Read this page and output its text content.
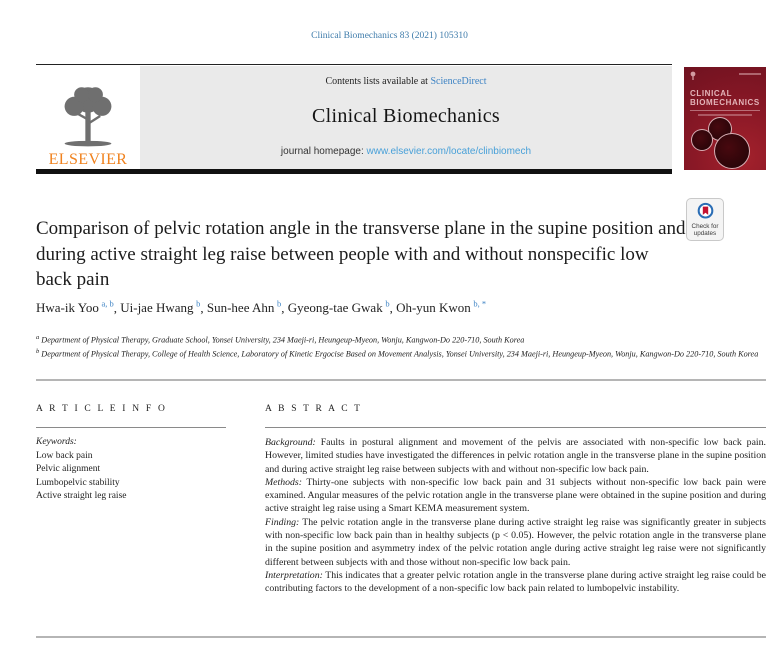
Clinical Biomechanics 83 (2021) 105310
ELSEVIER
Contents lists available at ScienceDirect
Clinical Biomechanics
journal homepage: www.elsevier.com/locate/clinbiomech
CLINICAL
BIOMECHANICS
Comparison of pelvic rotation angle in the transverse plane in the supine position and during active straight leg raise between people with and without nonspecific low back pain
Check for
updates
Hwa-ik Yoo  $^{a, b}$, Ui-jae Hwang  $^b$, Sun-hee Ahn  $^b$, Gyeong-tae Gwak  $^b$, Oh-yun Kwon  $^{b, *}$
$^a$ Department of Physical Therapy, Graduate School, Yonsei University, 234 Maeji-ri, Heungeup-Myeon, Wonju, Kangwon-Do 220-710, South Korea
$^b$ Department of Physical Therapy, College of Health Science, Laboratory of Kinetic Ergocise Based on Movement Analysis, Yonsei University, 234 Maeji-ri, Heungeup-Myeon, Wonju, Kangwon-Do 220-710, South Korea
A R T I C L E I N F O
Keywords:
Low back pain
Pelvic alignment
Lumbopelvic stability
Active straight leg raise
A B S T R A C T
Background: Faults in postural alignment and movement of the pelvis are associated with non-specific low back pain. However, limited studies have investigated the differences in pelvic rotation angle in the transverse plane in the supine position and during active straight leg raise between subjects with and without non-specific low back pain.
Methods: Thirty-one subjects with non-specific low back pain and 31 subjects without non-specific low back pain were examined. Angular measures of the pelvic rotation angle in the transverse plane were obtained in the supine position and during active straight leg raise using a Smart KEMA measurement system.
Finding: The pelvic rotation angle in the transverse plane during active straight leg raise was significantly greater in subjects with non-specific low back pain than in healthy subjects (p < 0.05). However, the pelvic rotation angle in the transverse plane in the supine position and asymmetry index of the pelvic rotation angle during active straight leg raise were not significantly different between subjects with and those without non-specific low back pain.
Interpretation: This indicates that a greater pelvic rotation angle in the transverse plane during active straight leg raise could be contributing factors to the development of a non-specific low back pain related to lumbopelvic instability.
